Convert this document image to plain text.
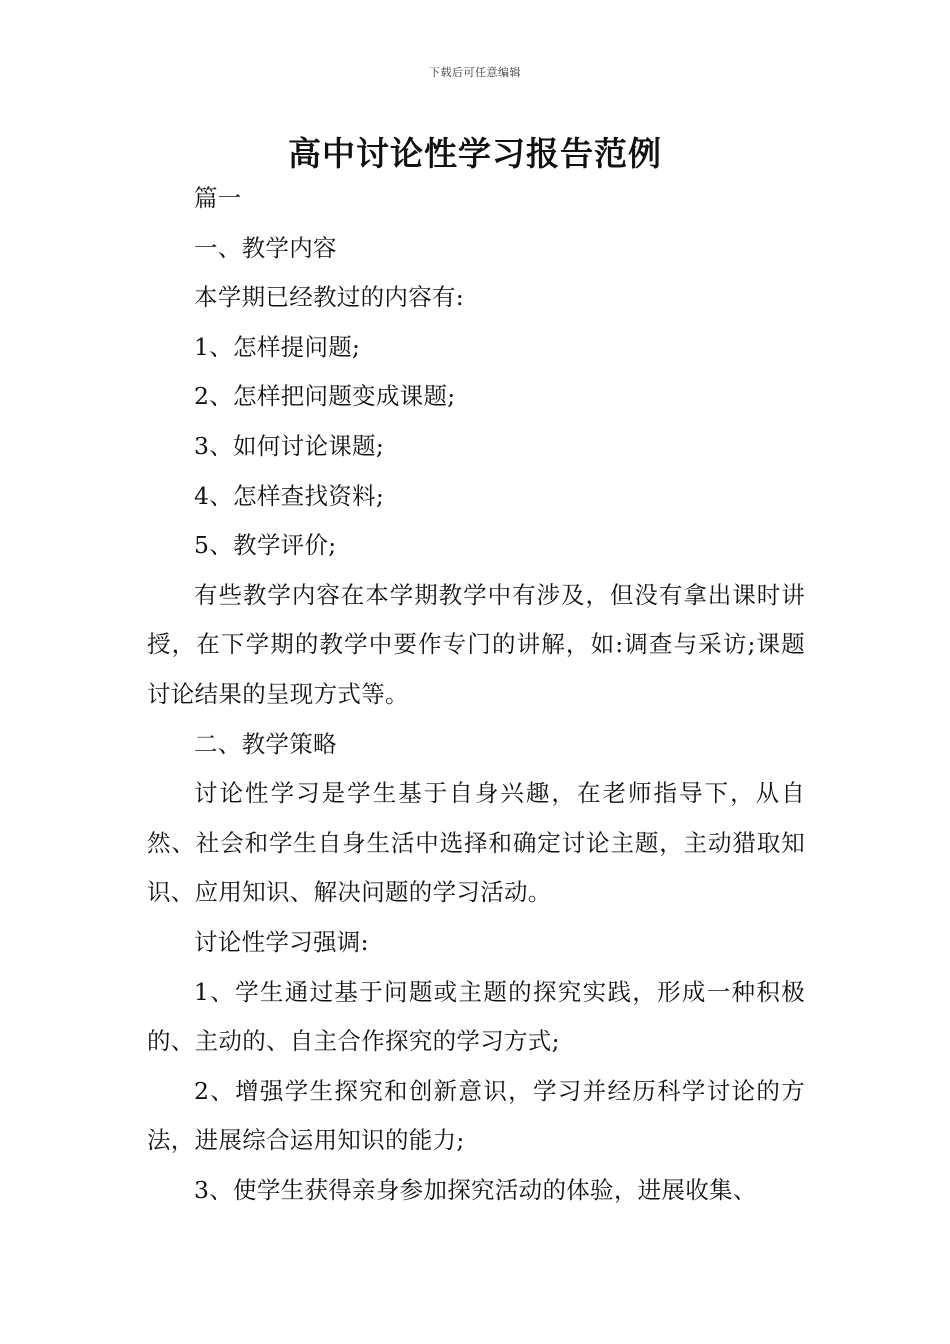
下载后可任意编辑
高中讨论性学习报告范例

篇一

一、教学内容

本学期已经教过的内容有:

1、怎样提问题;

2、怎样把问题变成课题;

3、如何讨论课题;

4、怎样查找资料;

5、教学评价;

有些教学内容在本学期教学中有涉及，但没有拿出课时讲授，在下学期的教学中要作专门的讲解，如:调查与采访;课题讨论结果的呈现方式等。

二、教学策略

讨论性学习是学生基于自身兴趣，在老师指导下，从自然、社会和学生自身生活中选择和确定讨论主题，主动猎取知识、应用知识、解决问题的学习活动。

讨论性学习强调:

1、学生通过基于问题或主题的探究实践，形成一种积极的、主动的、自主合作探究的学习方式;

2、增强学生探究和创新意识，学习并经历科学讨论的方法，进展综合运用知识的能力;

3、使学生获得亲身参加探究活动的体验，进展收集、
